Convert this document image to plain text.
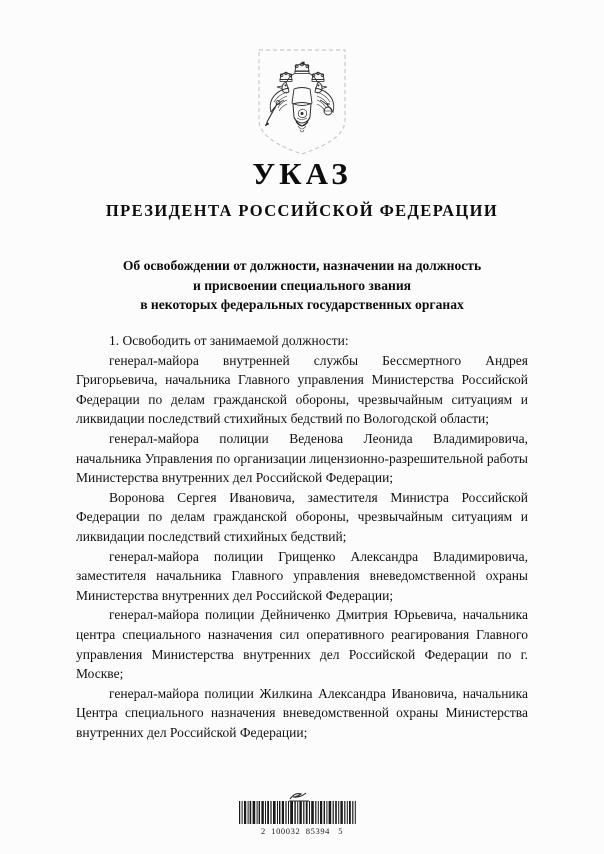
УКАЗ
ПРЕЗИДЕНТА РОССИЙСКОЙ ФЕДЕРАЦИИ
Об освобождении от должности, назначении на должность
и присвоении специального звания
в некоторых федеральных государственных органах

1. Освободить от занимаемой должности:

генерал-майора внутренней службы Бессмертного Андрея Григорьевича, начальника Главного управления Министерства Российской Федерации по делам гражданской обороны, чрезвычайным ситуациям и ликвидации последствий стихийных бедствий по Вологодской области;

генерал-майора полиции Веденова Леонида Владимировича, начальника Управления по организации лицензионно-разрешительной работы Министерства внутренних дел Российской Федерации;

Воронова Сергея Ивановича, заместителя Министра Российской Федерации по делам гражданской обороны, чрезвычайным ситуациям и ликвидации последствий стихийных бедствий;

генерал-майора полиции Грищенко Александра Владимировича, заместителя начальника Главного управления вневедомственной охраны Министерства внутренних дел Российской Федерации;

генерал-майора полиции Дейниченко Дмитрия Юрьевича, начальника центра специального назначения сил оперативного реагирования Главного управления Министерства внутренних дел Российской Федерации по г. Москве;

генерал-майора полиции Жилкина Александра Ивановича, начальника Центра специального назначения вневедомственной охраны Министерства внутренних дел Российской Федерации;

2  100032  85394   5
